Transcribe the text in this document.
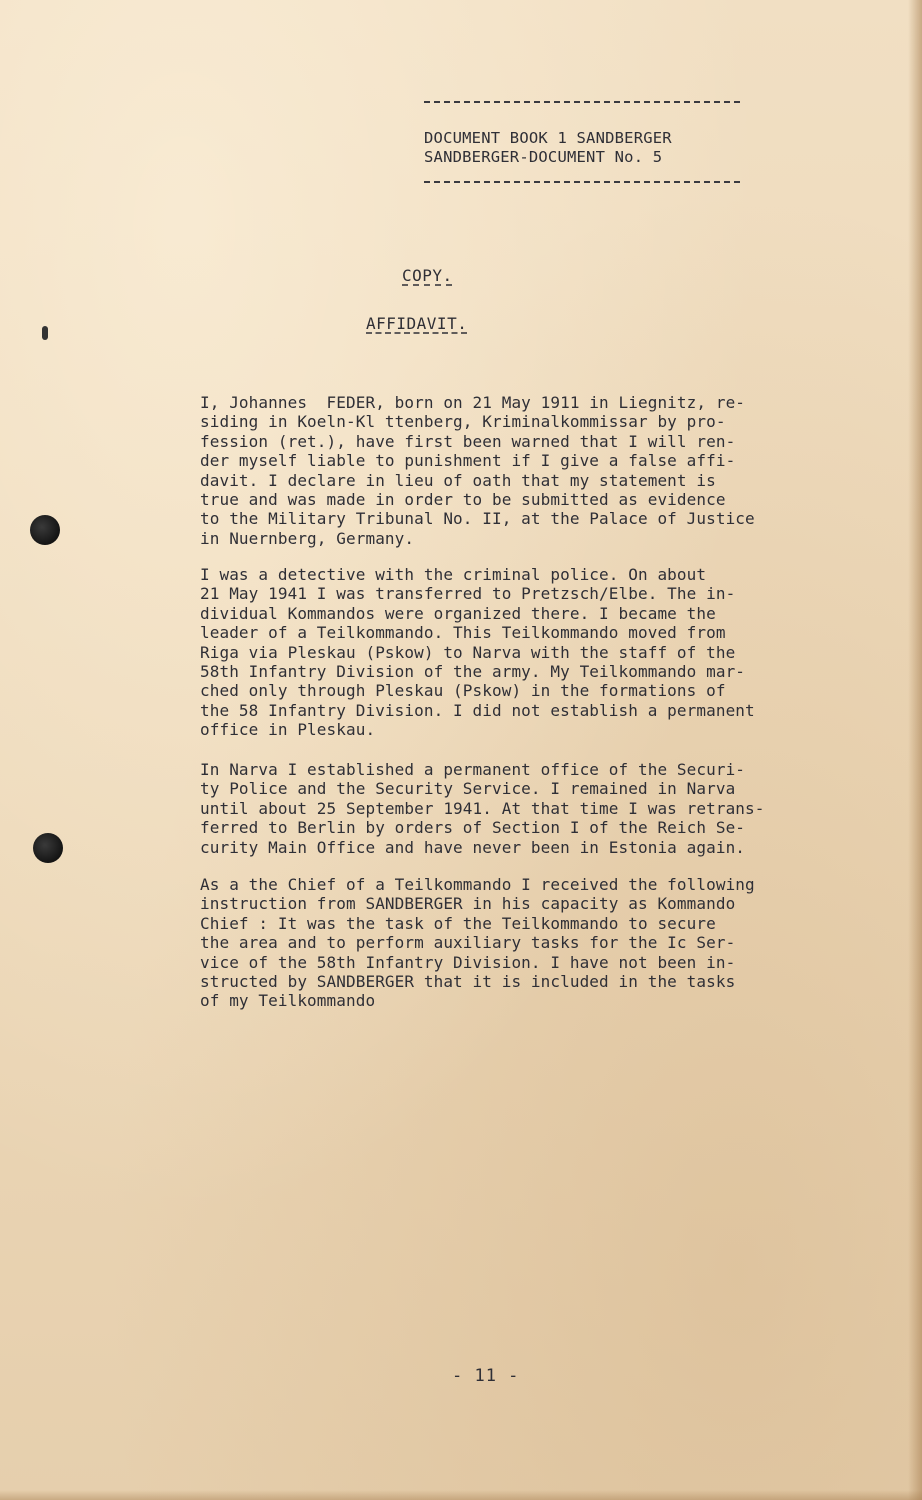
DOCUMENT BOOK 1 SANDBERGER
SANDBERGER-DOCUMENT No. 5
COPY.
AFFIDAVIT.
I, Johannes  FEDER, born on 21 May 1911 in Liegnitz, re-
siding in Koeln-Kl ttenberg, Kriminalkommissar by pro-
fession (ret.), have first been warned that I will ren-
der myself liable to punishment if I give a false affi-
davit. I declare in lieu of oath that my statement is
true and was made in order to be submitted as evidence
to the Military Tribunal No. II, at the Palace of Justice
in Nuernberg, Germany.
I was a detective with the criminal police. On about
21 May 1941 I was transferred to Pretzsch/Elbe. The in-
dividual Kommandos were organized there. I became the
leader of a Teilkommando. This Teilkommando moved from
Riga via Pleskau (Pskow) to Narva with the staff of the
58th Infantry Division of the army. My Teilkommando mar-
ched only through Pleskau (Pskow) in the formations of
the 58 Infantry Division. I did not establish a permanent
office in Pleskau.
In Narva I established a permanent office of the Securi-
ty Police and the Security Service. I remained in Narva
until about 25 September 1941. At that time I was retrans-
ferred to Berlin by orders of Section I of the Reich Se-
curity Main Office and have never been in Estonia again.
As a the Chief of a Teilkommando I received the following
instruction from SANDBERGER in his capacity as Kommando
Chief : It was the task of the Teilkommando to secure
the area and to perform auxiliary tasks for the Ic Ser-
vice of the 58th Infantry Division. I have not been in-
structed by SANDBERGER that it is included in the tasks
of my Teilkommando
- 11 -
